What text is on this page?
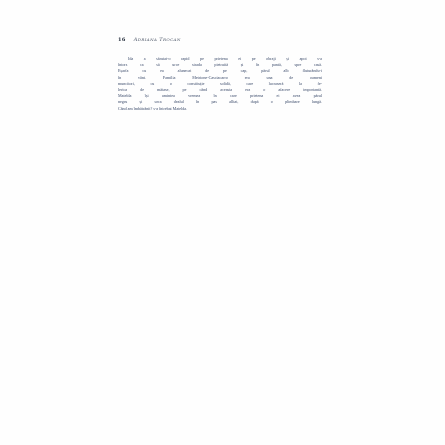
16 Adriana Trocan
Ida a sărutat-o rapid pe prietena ei pe obraji și apoi s-a
întors ca să urce strada pietruită și în pantă, spre casă.
Eșarfa cu ea alunecat de pe cap, părul alb fluturându-i
în vânt. Familia Metrione-Casciacarro era una de oameni
muncitori, cu o constituție solidă, care lucraseră la fe-
lerica de mătase, pe când aceasta era o afacere importantă.
Matelda își amintea vremea în care prietena ei avea părul
negru și urca dealul în pas alltat, după o plimbare lungă.
Când am îmbătrânit? s-a întrebat Matelda.
